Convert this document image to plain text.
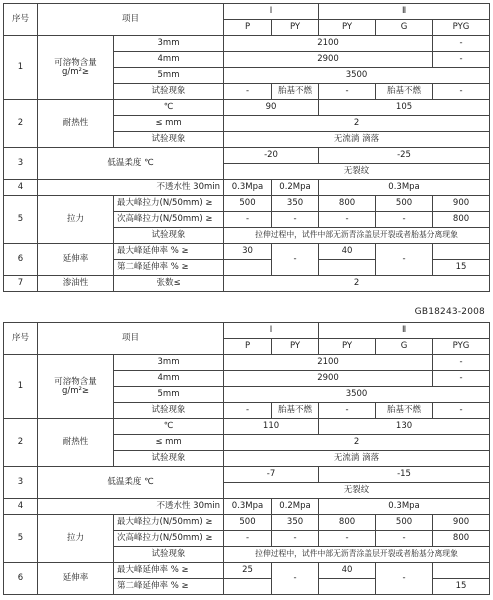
序号	项目		Ⅰ		Ⅱ		
			P	PY	PY	G	PYG
1	可溶物含量 g/m²≥	3mm	2100				-
		4mm	2900				-
		5mm	3500				
		试验现象	-	胎基不燃	-	胎基不燃	-
2	耐热性	℃	90		105		
		≤ mm	2				
		试验现象	无流淌 滴落				
3	低温柔度 ℃		-20		-25		
			无裂纹				
4	不透水性 30min		0.3Mpa	0.2Mpa	0.3Mpa		
5	拉力	最大峰拉力(N/50mm) ≥	500	350	800	500	900
		次高峰拉力(N/50mm) ≥	-	-	-	-	800
		试验现象	拉伸过程中，试件中部无沥青涂盖层开裂或者胎基分离现象				
6	延伸率	最大峰延伸率 % ≥	30	-	40	-	
		第二峰延伸率 % ≥					15
7	渗油性	张数≤	2				
GB18243-2008
序号	项目		Ⅰ		Ⅱ		
			P	PY	PY	G	PYG
1	可溶物含量 g/m²≥	3mm	2100				-
		4mm	2900				-
		5mm	3500				
		试验现象	-	胎基不燃	-	胎基不燃	-
2	耐热性	℃	110		130		
		≤ mm	2				
		试验现象	无流淌 滴落				
3	低温柔度 ℃		-7		-15		
			无裂纹				
4	不透水性 30min		0.3Mpa	0.2Mpa	0.3Mpa		
5	拉力	最大峰拉力(N/50mm) ≥	500	350	800	500	900
		次高峰拉力(N/50mm) ≥	-	-	-	-	800
		试验现象	拉伸过程中，试件中部无沥青涂盖层开裂或者胎基分离现象				
6	延伸率	最大峰延伸率 % ≥	25	-	40	-	
		第二峰延伸率 % ≥					15
